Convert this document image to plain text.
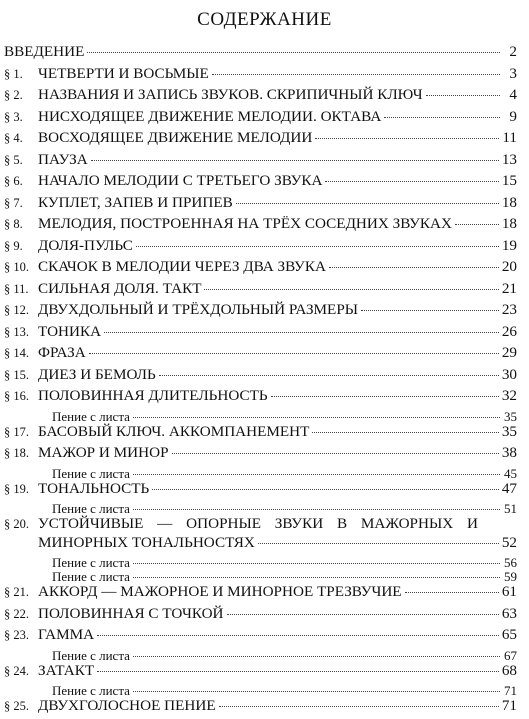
СОДЕРЖАНИЕ
ВВЕДЕНИЕ	2
§ 1.	ЧЕТВЕРТИ И ВОСЬМЫЕ	3
§ 2.	НАЗВАНИЯ И ЗАПИСЬ ЗВУКОВ. СКРИПИЧНЫЙ КЛЮЧ	4
§ 3.	НИСХОДЯЩЕЕ ДВИЖЕНИЕ МЕЛОДИИ. ОКТАВА	9
§ 4.	ВОСХОДЯЩЕЕ ДВИЖЕНИЕ МЕЛОДИИ	11
§ 5.	ПАУЗА	13
§ 6.	НАЧАЛО МЕЛОДИИ С ТРЕТЬЕГО ЗВУКА	15
§ 7.	КУПЛЕТ, ЗАПЕВ И ПРИПЕВ	18
§ 8.	МЕЛОДИЯ, ПОСТРОЕННАЯ НА ТРЁХ СОСЕДНИХ ЗВУКАХ	18
§ 9.	ДОЛЯ-ПУЛЬС	19
§ 10. СКАЧОК В МЕЛОДИИ ЧЕРЕЗ ДВА ЗВУКА	20
§ 11. СИЛЬНАЯ ДОЛЯ. ТАКТ	21
§ 12. ДВУХДОЛЬНЫЙ И ТРЁХДОЛЬНЫЙ РАЗМЕРЫ	23
§ 13. ТОНИКА	26
§ 14. ФРАЗА	29
§ 15. ДИЕЗ И БЕМОЛЬ	30
§ 16. ПОЛОВИННАЯ ДЛИТЕЛЬНОСТЬ	32
Пение с листа	35
§ 17. БАСОВЫЙ КЛЮЧ. АККОМПАНЕМЕНТ	35
§ 18. МАЖОР И МИНОР	38
Пение с листа	45
§ 19. ТОНАЛЬНОСТЬ	47
Пение с листа	51
§ 20. УСТОЙЧИВЫЕ — ОПОРНЫЕ ЗВУКИ В МАЖОРНЫХ И
МИНОРНЫХ ТОНАЛЬНОСТЯХ	52
Пение с листа	56
Пение с листа	59
§ 21. АККОРД — МАЖОРНОЕ И МИНОРНОЕ ТРЕЗВУЧИЕ	61
§ 22. ПОЛОВИННАЯ С ТОЧКОЙ	63
§ 23. ГАММА	65
Пение с листа	67
§ 24. ЗАТАКТ	68
Пение с листа	71
§ 25. ДВУХГОЛОСНОЕ ПЕНИЕ	71
